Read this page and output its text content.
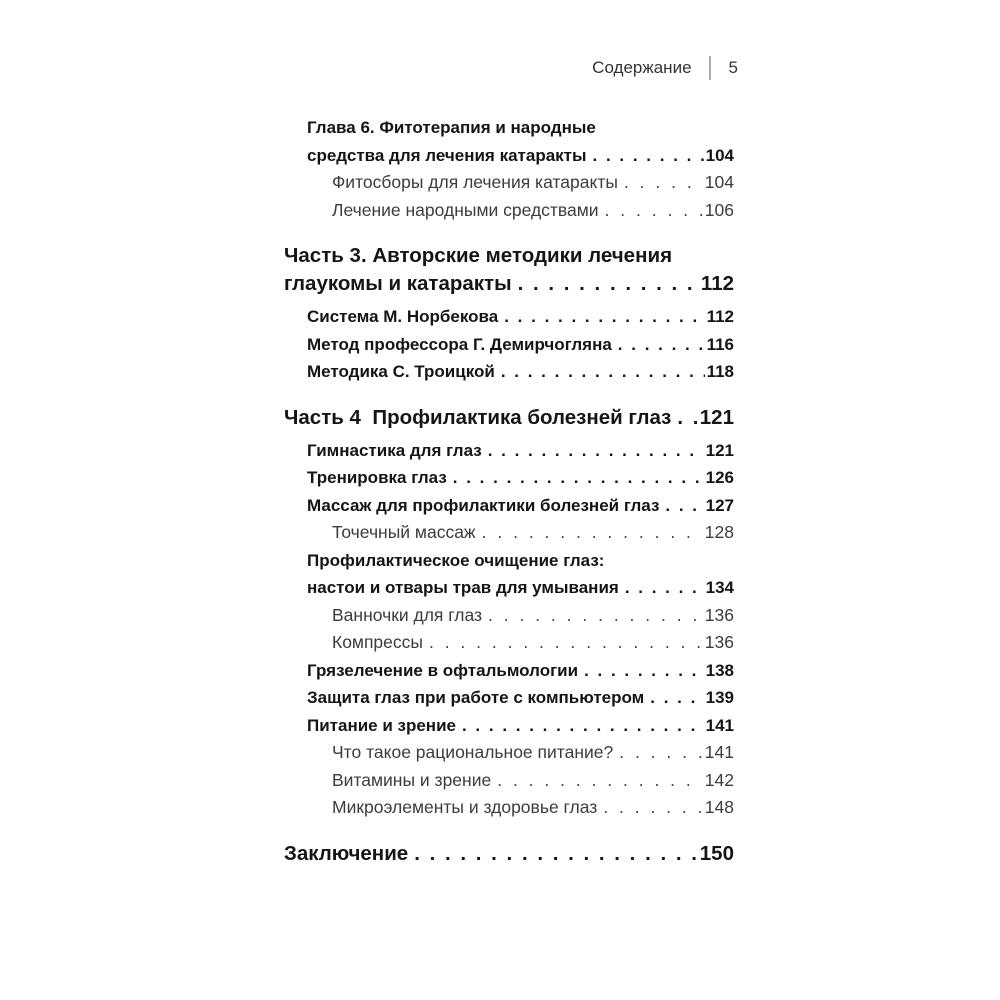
Содержание 5
Глава 6. Фитотерапия и народные
средства для лечения катаракты . . .	104
Фитосборы для лечения катаракты . . .	104
Лечение народными средствами . . .	106
Часть 3. Авторские методики лечения
глаукомы и катаракты . . .	112
Система М. Норбекова . . .	112
Метод профессора Г. Демирчогляна . . .	116
Методика С. Троицкой . . .	118
Часть 4  Профилактика болезней глаз . . . 121
Гимнастика для глаз . . .	121
Тренировка глаз . . .	126
Массаж для профилактики болезней глаз . . .	127
Точечный массаж . . .	128
Профилактическое очищение глаз:
настои и отвары трав для умывания . . .	134
Ванночки для глаз . . .	136
Компрессы . . .	136
Грязелечение в офтальмологии . . .	138
Защита глаз при работе с компьютером . . .	139
Питание и зрение . . .	141
Что такое рациональное питание? . . .	141
Витамины и зрение . . .	142
Микроэлементы и здоровье глаз . . .	148
Заключение . . .	150
